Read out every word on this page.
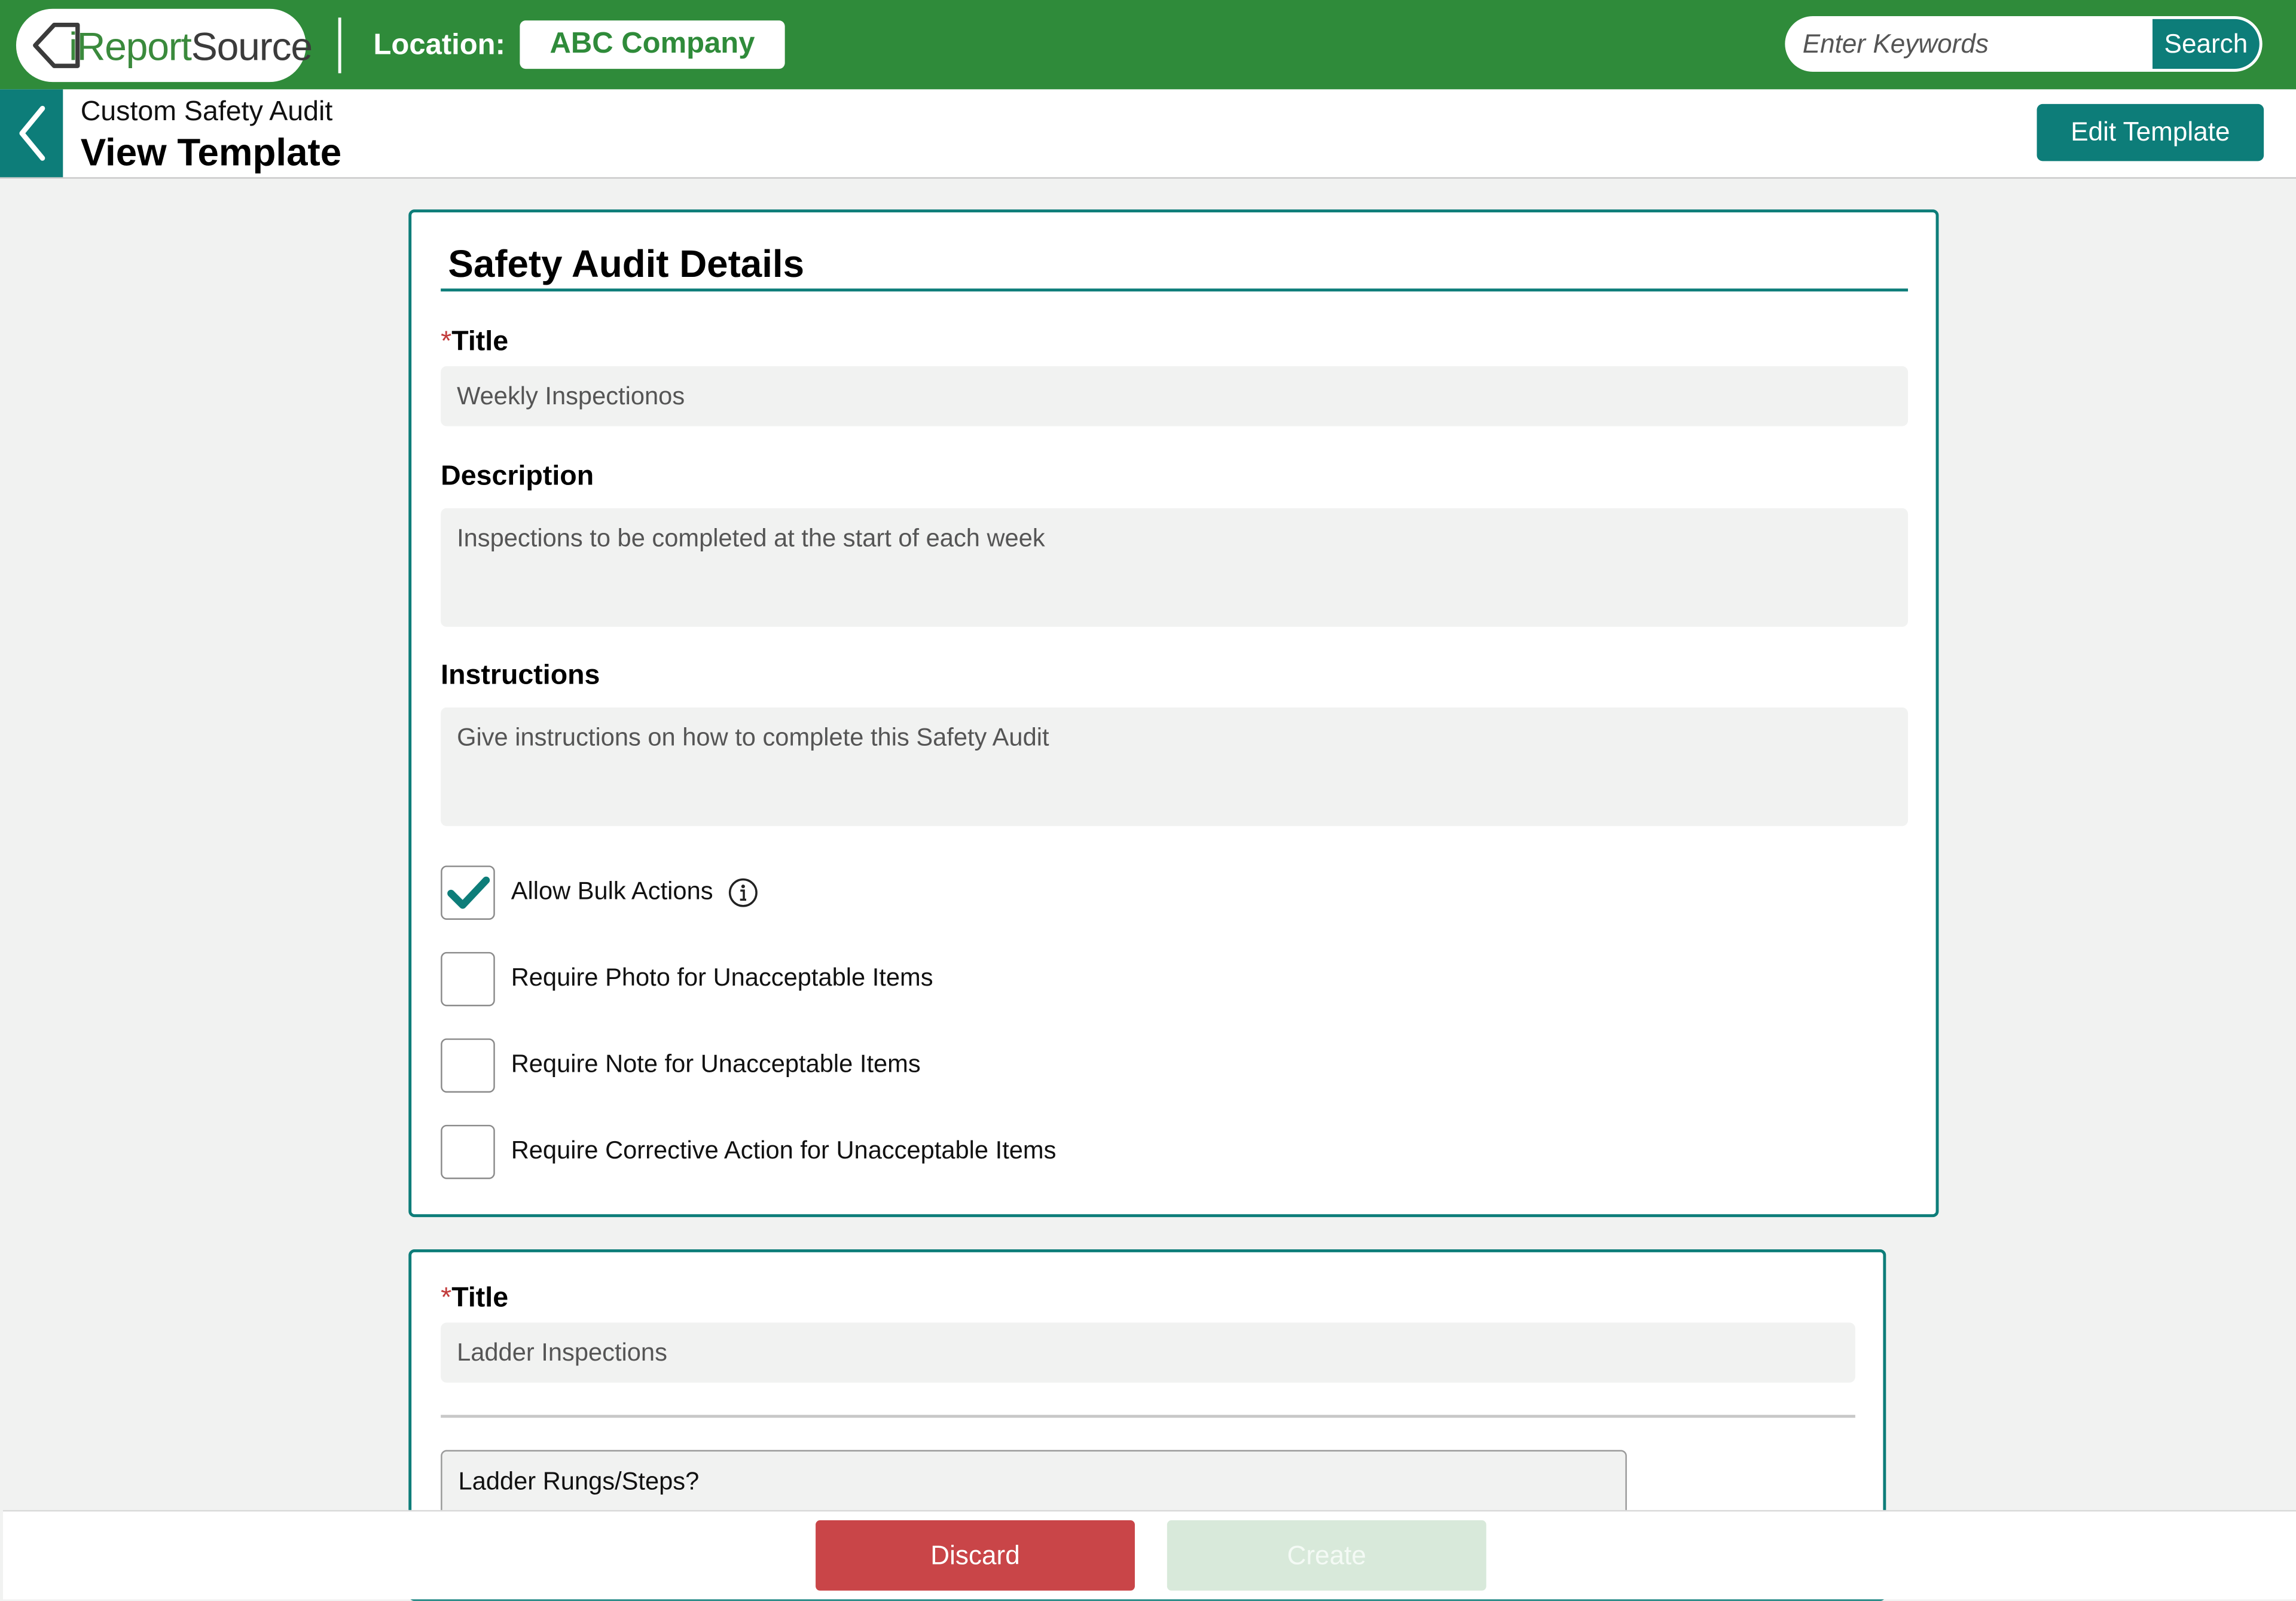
iReportSource	Location:	ABC Company
Enter Keywords	Search
Custom Safety Audit
View Template	Edit Template
Safety Audit Details
*Title
Weekly Inspectionos
Description
Inspections to be completed at the start of each week
Instructions
Give instructions on how to complete this Safety Audit
Allow Bulk Actions
Require Photo for Unacceptable Items
Require Note for Unacceptable Items
Require Corrective Action for Unacceptable Items
*Title
Ladder Inspections
Ladder Rungs/Steps?
Discard	Create
